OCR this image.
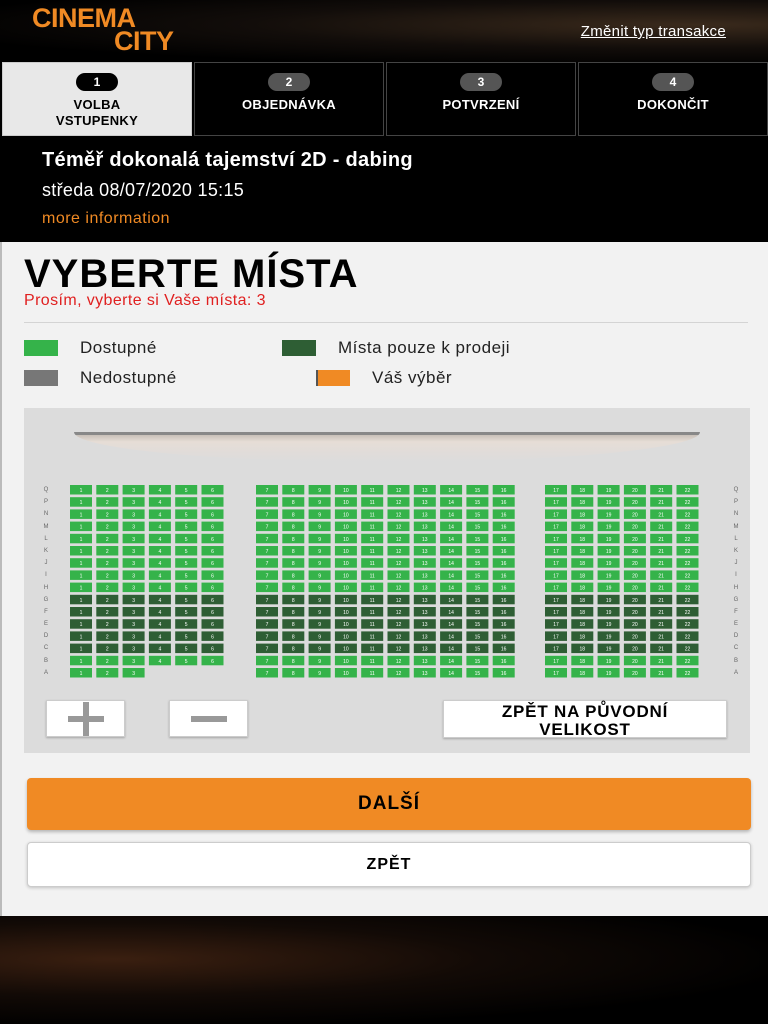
CINEMA
CITY	Změnit typ transakce
1
VOLBA
VSTUPENKY
2
OBJEDNÁVKA
3
POTVRZENÍ
4
DOKONČIT
Téměř dokonalá tajemství 2D - dabing
středa 08/07/2020 15:15
more information
VYBERTE MÍSTA
Prosím, vyberte si Vaše místa: 3
Dostupné	Místa pouze k prodeji
Nedostupné	Váš výběr
Q
P
N
M
L
K
J
I
H
G
F
E
D
C
B
A
Q
P
N
M
L
K
J
I
H
G
F
E
D
C
B
A
1	2	3	4	5	6	7	8	9	10	11	12	13	14	15	16	17	18	19	20	21	22
1	2	3	4	5	6	7	8	9	10	11	12	13	14	15	16	17	18	19	20	21	22
1	2	3	4	5	6	7	8	9	10	11	12	13	14	15	16	17	18	19	20	21	22
1	2	3	4	5	6	7	8	9	10	11	12	13	14	15	16	17	18	19	20	21	22
1	2	3	4	5	6	7	8	9	10	11	12	13	14	15	16	17	18	19	20	21	22
1	2	3	4	5	6	7	8	9	10	11	12	13	14	15	16	17	18	19	20	21	22
1	2	3	4	5	6	7	8	9	10	11	12	13	14	15	16	17	18	19	20	21	22
1	2	3	4	5	6	7	8	9	10	11	12	13	14	15	16	17	18	19	20	21	22
1	2	3	4	5	6	7	8	9	10	11	12	13	14	15	16	17	18	19	20	21	22
1	2	3	4	5	6	7	8	9	10	11	12	13	14	15	16	17	18	19	20	21	22
1	2	3	4	5	6	7	8	9	10	11	12	13	14	15	16	17	18	19	20	21	22
1	2	3	4	5	6	7	8	9	10	11	12	13	14	15	16	17	18	19	20	21	22
1	2	3	4	5	6	7	8	9	10	11	12	13	14	15	16	17	18	19	20	21	22
1	2	3	4	5	6	7	8	9	10	11	12	13	14	15	16	17	18	19	20	21	22
1	2	3	4	5	6	7	8	9	10	11	12	13	14	15	16	17	18	19	20	21	22
1	2	3	7	8	9	10	11	12	13	14	15	16	17	18	19	20	21	22
ZPĚT NA PŮVODNÍ
VELIKOST
DALŠÍ
ZPĚT
